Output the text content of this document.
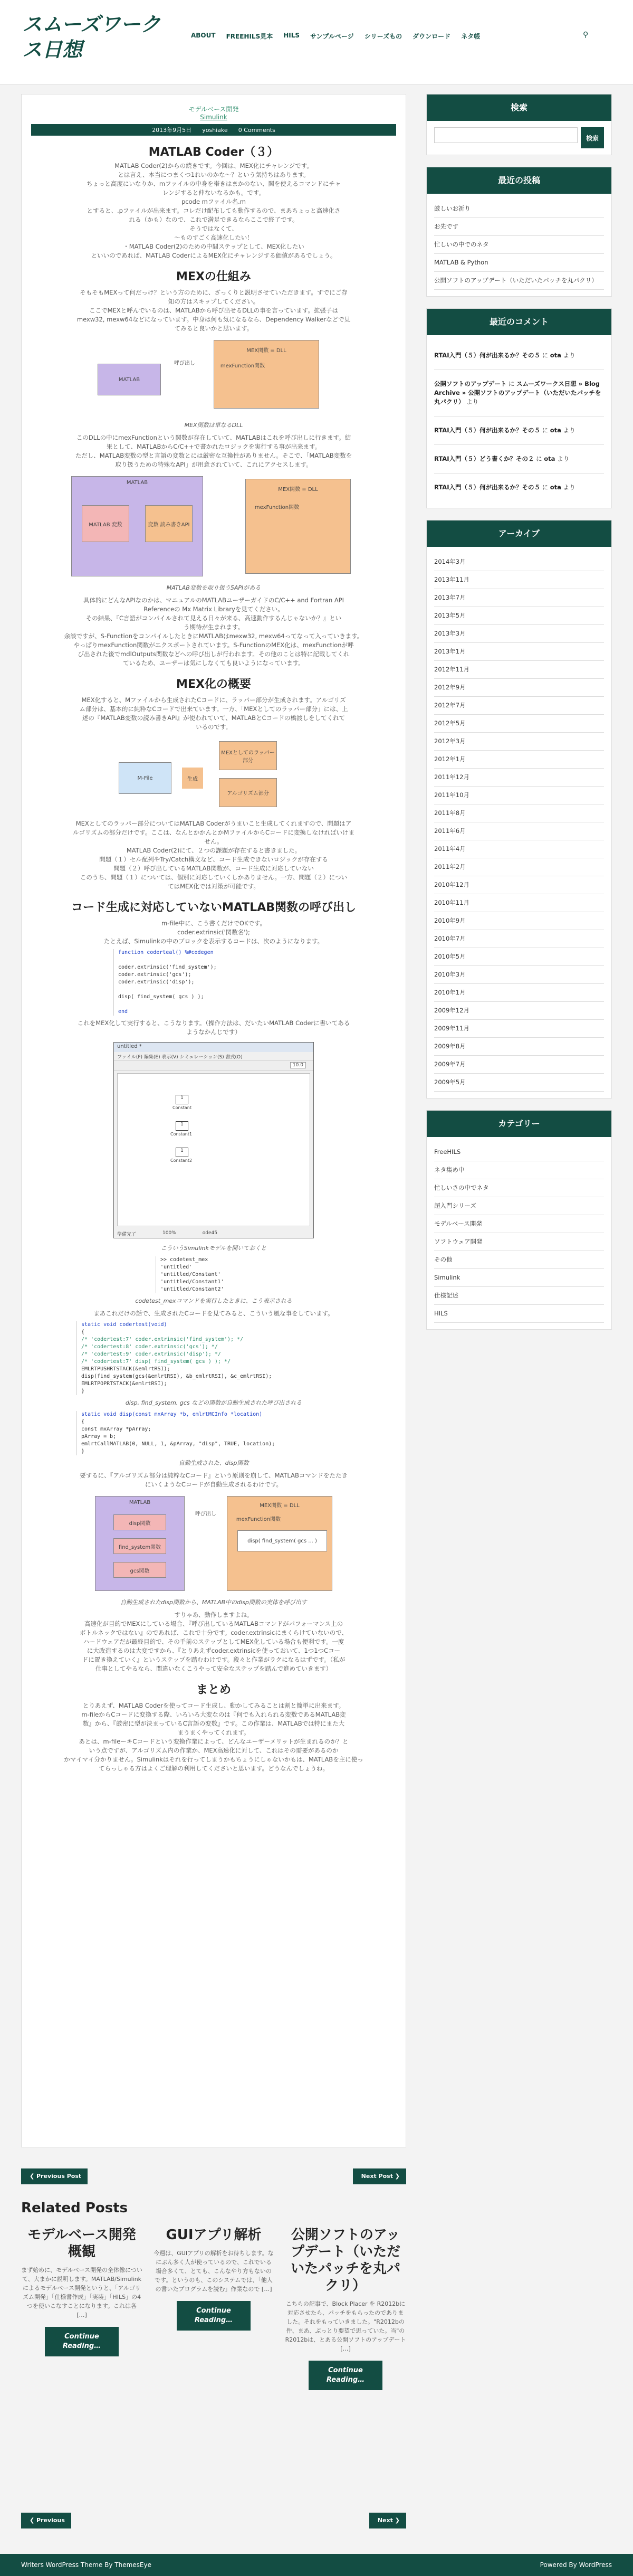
スムーズワーク
ス日想
ABOUT FREEHILS見本 HILS サンプルページ シリーズもの ダウンロード ネタ帳	⚲
モデルベース開発
Simulink
2013年9月5日 yoshiake 0 Comments
MATLAB Coder（３）
MATLAB Coder(2)からの続きです。今回は、MEX化にチャレンジです。
とは言え、本当につまくつ1れいのかな〜？という気持ちはあります。
ちょっと高度にいなりか、mファイルの中身を帯きはまかのない、関を使えるコマンドにチャ
レンジすると仲ないなるかも。です。
pcode mファイル名.m
とすると、.pファイルが出来ます。コレだけ配布しても動作するので、まあちょっと高速化さ
れる（かも）なので、これで満足できるならここで終了です。
そうではなくて、
～ものすごく高速化したい！
・MATLAB Coder(2)のための中間ステップとして、MEX化したい
といいのであれば、MATLAB CoderによるMEX化にチャレンジする価値があるでしょう。
MEXの仕組み
そもそもMEXって何だっけ？という方のために、ざっくりと説明させていただきます。すでにご存
知の方はスキップしてください。
ここでMEXと呼んでいるのは、MATLABから呼び出せるDLLの事を言っています。拡張子は
mexw32, mexw64などになっています。中身は何も気になるなら、Dependency Walkerなどで見
てみると良いかと思います。
MATLAB
呼び出し
MEX関数 = DLL
mexFunction関数
MEX関数は単なるDLL
このDLLの中にmexFunctionという関数が存在していて、MATLABはこれを呼び出しに行きます。結
果として、MATLABからC/C++で書かれたロジックを実行する事が出来ます。
ただし、MATLAB変数の型と言語の変数とには厳密な互換性がありません。そこで、「MATLAB変数を
取り扱うための特殊なAPI」が用意されていて、これにアクセスします。
MATLAB
MATLAB 変数	変数 読み書きAPI
MEX関数 = DLL
mexFunction関数
MATLAB変数を取り扱う5APIがある
具体的にどんなAPIなのかは、マニュアルのMATLABユーザーガイドのC/C++ and Fortran API
Referenceの Mx Matrix Libraryを見てください。
その結果、『C言語がコンパイルされて見える日々が来る、高速動作するんじゃないか？』とい
う期待が生まれます。
余談ですが、S-FunctionをコンパイルしたときにMATLABはmexw32, mexw64ってなって入っていきます。
やっぱりmexFunction関数がエクスポートされています。S-FunctionのMEX化は、mexFunctionが呼
び出された後でmdlOutputs関数などへの呼び出しが行われます。その他のことは特に記載してくれ
ているため、ユーザーは気にしなくても良いようになっています。
MEX化の概要
MEX化すると、Mファイルから生成されたCコードに、ラッパー部分が生成されます。アルゴリズ
ム部分は、基本的に純粋なCコードで出来ています。一方、「MEXとしてのラッパー部分」には、上
述の『MATLAB変数の読み書きAPI』が使われていて、MATLABとCコードの橋渡しをしてくれて
いるのです。
M-File	生成
MEXとしてのラッパー部分
アルゴリズム部分
MEXとしてのラッパー部分についてはMATLAB Coderがうまいこと生成してくれますので、問題はア
ルゴリズムの部分だけです。ここは、なんとかかんとかMファイルからCコードに変換しなければいけま
せん。
MATLAB Coder(2)にて、２つの課題が存在すると書きました。
問題（１）セル配列やTry/Catch構文など、コード生成できないロジックが存在する
問題（２）呼び出しているMATLAB関数が、コード生成に対応していない
このうち、問題（１）については、個別に対応していくしかありません。一方、問題（２）につい
てはMEX化では対策が可能です。
コード生成に対応していないMATLAB関数の呼び出し
m-file中に、こう書くだけでOKです。
coder.extrinsic('関数名');
たとえば、Simulinkの中のブロックを表示するコードは、次のようになります。
function coderteal() %#codegen

coder.extrinsic('find_system');
coder.extrinsic('gcs');
coder.extrinsic('disp');

disp( find_system( gcs ) );

end
これをMEX化して実行すると、こうなります。（操作方法は、だいたいMATLAB Coderに書いてある
ようなかんじです）
untitled *
ファイル(F) 編集(E) 表示(V) シミュレーション(S) 書式(O)
10.0
1
Constant
1
Constant1
1
Constant2
準備完了	100%	ode45
こういうSimulinkモデルを開いておくと
>> codetest_mex
'untitled'
'untitled/Constant'
'untitled/Constant1'
'untitled/Constant2'
codetest_mexコマンドを実行したときに、こう表示される
まあこれだけの話で、生成されたCコードを見てみると、こういう風な事をしています。
static void codertest(void)
{
/* 'codertest:7' coder.extrinsic('find_system'); */
/* 'codertest:8' coder.extrinsic('gcs'); */
/* 'codertest:9' coder.extrinsic('disp'); */
/* 'codertest:7' disp( find_system( gcs ) ); */
EMLRTPUSHRTSTACK(&emlrtRSI);
disp(find_system(gcs(&emlrtRSI), &b_emlrtRSI), &c_emlrtRSI);
EMLRTPOPRTSTACK(&emlrtRSI);
}
disp, find_system, gcs などの関数が自動生成された呼び出される
static void disp(const mxArray *b, emlrtMCInfo *location)
{
const mxArray *pArray;
pArray = b;
emlrtCallMATLAB(0, NULL, 1, &pArray, "disp", TRUE, location);
}
自動生成された、disp関数
要するに、『アルゴリズム部分は純粋なCコード』という原則を崩して、MATLABコマンドをたたき
にいくようなCコードが自動生成されるわけです。
MATLAB
disp関数
find_system関数
gcs関数
呼び出し
MEX関数 = DLL
mexFunction関数
disp( find_system( gcs ... )
自動生成されたdisp関数から、MATLAB中のdisp関数の実体を呼び出す
すりゃあ、動作しますよね。
高速化が目的でMEXにしている場合、『呼び出しているMATLABコマンドがパフォーマンス上の
ボトルネックではない』のであれば、これで十分です。coder.extrinsicにまくらけていないので、
ハードウェアだが最終目的で、その手前のステップとしてMEX化している場合も便利です。一度
に大改造するのは大変ですから、『とりあえずcoder.extrinsicを使っておいて、1つ1つCコー
ドに置き換えていく』というステップを踏むわけです。段々と作業がラクになるはずです。（私が
仕事としてやるなら、間違いなくこうやって安全なステップを踏んで進めていきます）
まとめ
とりあえず、MATLAB Coderを使ってコード生成し、動かしてみることは割と簡単に出来ます。
m-fileからCコードに変換する際、いろいろ大変なのは『何でも入れられる変数であるMATLAB変
数』から、『厳密に型が決まっているC言語の変数』です。この作業は、MATLABでは特にまた大
まうまくやってくれます。
あとは、m-fileーキCコードという変換作業によって、どんなユーザーメリットが生まれるのか？と
いう点ですが、アルゴリズム内の作業か、MEX高速化に対して、これはその需要があるのか
かマイマイ分かりません。Simulinkはそれを行ってしまうかもちょうにしゃないかもは、MATLABを主に使っ
てらっしゃる方はよくご理解の利用してくださいと思います。どうなんでしょうね。
❮ Previous Post	Next Post ❯
Related Posts
モデルベース開発概観

まず始めに、モデルベース開発の全体像について、大まかに説明します。MATLAB/Simulinkによるモデルベース開発というと、「アルゴリズム開発」「仕様書作成」「実装」「HILS」の4つを使いこなすことになります。これは各 […]

Continue Reading…
GUIアプリ解析

今週は、GUIアプリの解析をお待ちします。なにぶん多く人が使っているので、これでいる場合多くて、とても、こんなやり方もないのです。というのも、このシステムでは、「他人の書いたプログラムを読む」作業なので […]

Continue Reading…
公開ソフトのアップデート（いただいたパッチを丸パクリ）

こちらの記事で、Block Placer を R2012bに対応させたら、パッチをもらったのでありました。それをもっていきました。"R2012bの件、まあ、ぶっとり要望で思っていた。当"のR2012bは、とある公開ソフトのアップデート […]

Continue Reading…
❮ Previous	Next ❯
検索
検索
最近の投稿
厳しいお祈り
お先です
忙しいの中でのネタ
MATLAB & Python
公開ソフトのアップデート（いただいたパッチを丸パクリ）
最近のコメント
RTAI入門（５）何が出来るか？その５ に ota より
公開ソフトのアップデート に スムーズワークス日想 » Blog Archive » 公開ソフトのアップデート（いただいたパッチを丸パクリ） より
RTAI入門（５）何が出来るか？その５ に ota より
RTAI入門（５）どう書くか？その２ に ota より
RTAI入門（５）何が出来るか？その５ に ota より
アーカイブ
2014年3月
2013年11月
2013年7月
2013年5月
2013年3月
2013年1月
2012年11月
2012年9月
2012年7月
2012年5月
2012年3月
2012年1月
2011年12月
2011年10月
2011年8月
2011年6月
2011年4月
2011年2月
2010年12月
2010年11月
2010年9月
2010年7月
2010年5月
2010年3月
2010年1月
2009年12月
2009年11月
2009年8月
2009年7月
2009年5月
カテゴリー
FreeHILS
ネタ集め中
忙しいさの中でネタ
超入門シリーズ
モデルベース開発
ソフトウェア開発
その他
Simulink
仕様記述
HILS
Writers WordPress Theme By ThemesEye	Powered By WordPress
